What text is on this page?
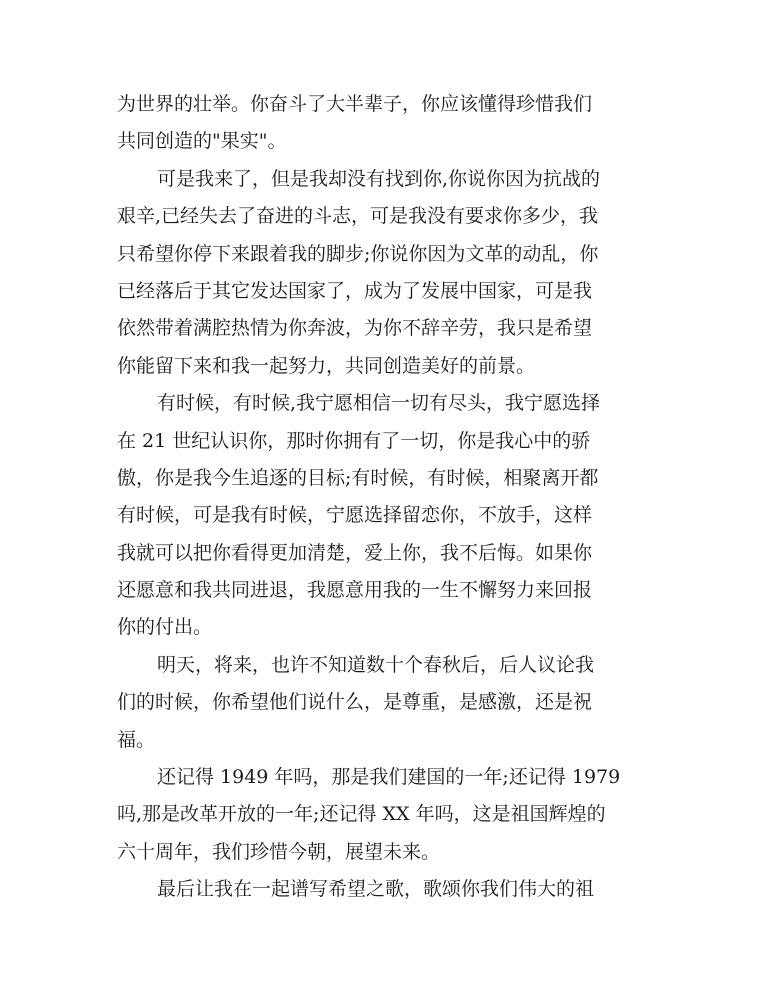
为世界的壮举。你奋斗了大半辈子，你应该懂得珍惜我们
共同创造的"果实"。

可是我来了，但是我却没有找到你,你说你因为抗战的
艰辛,已经失去了奋进的斗志，可是我没有要求你多少，我
只希望你停下来跟着我的脚步;你说你因为文革的动乱，你
已经落后于其它发达国家了，成为了发展中国家，可是我
依然带着满腔热情为你奔波，为你不辞辛劳，我只是希望
你能留下来和我一起努力，共同创造美好的前景。

有时候，有时候,我宁愿相信一切有尽头，我宁愿选择
在 21 世纪认识你，那时你拥有了一切，你是我心中的骄
傲，你是我今生追逐的目标;有时候，有时候，相聚离开都
有时候，可是我有时候，宁愿选择留恋你，不放手，这样
我就可以把你看得更加清楚，爱上你，我不后悔。如果你
还愿意和我共同进退，我愿意用我的一生不懈努力来回报
你的付出。

明天，将来，也许不知道数十个春秋后，后人议论我
们的时候，你希望他们说什么，是尊重，是感激，还是祝
福。

还记得 1949 年吗，那是我们建国的一年;还记得 1979
吗,那是改革开放的一年;还记得 XX 年吗，这是祖国辉煌的
六十周年，我们珍惜今朝，展望未来。

最后让我在一起谱写希望之歌，歌颂你我们伟大的祖
